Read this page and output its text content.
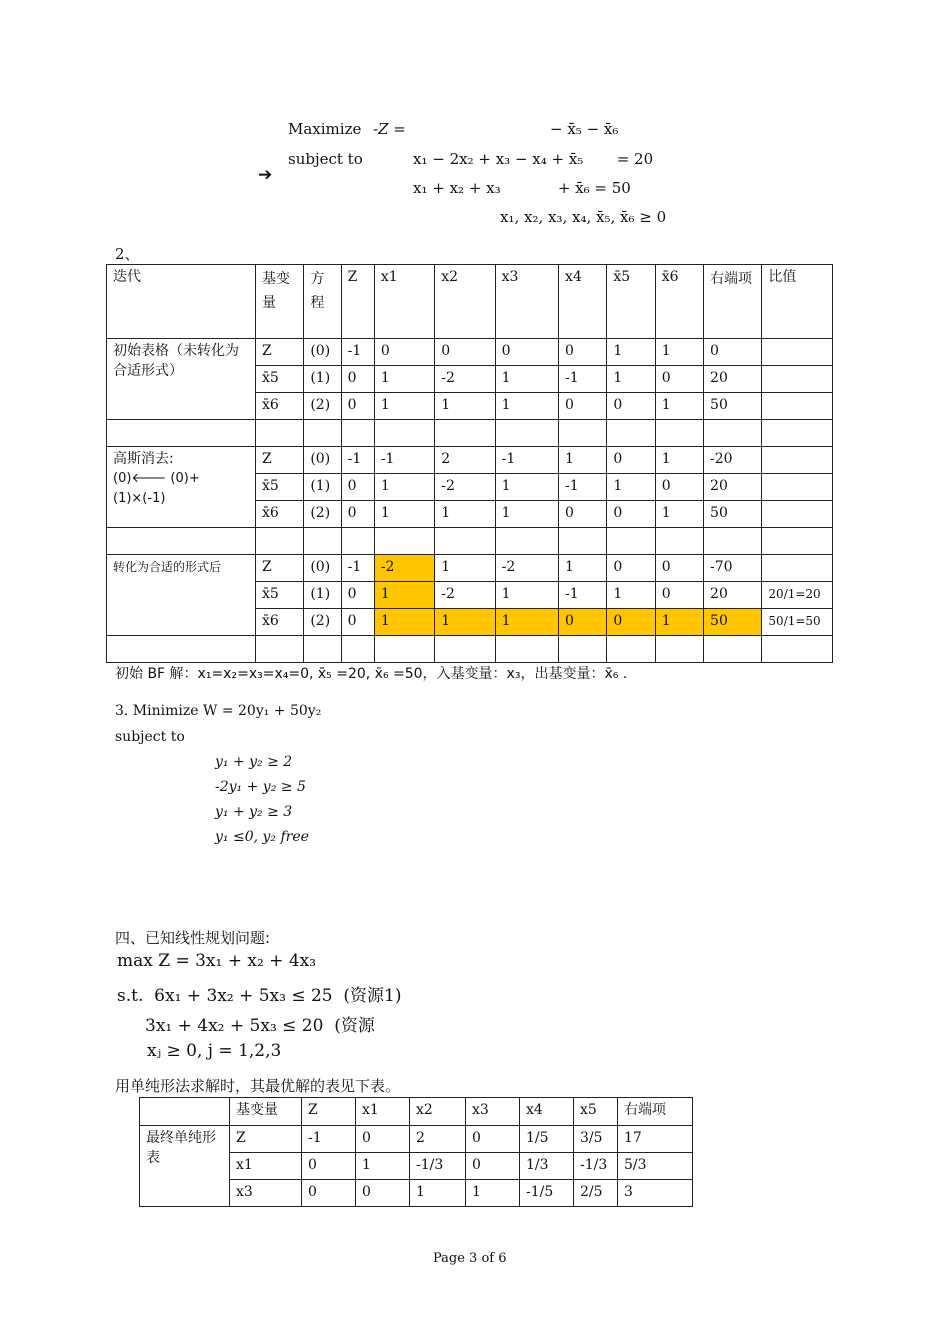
Maximize -Z =	− x̄₅ − x̄₆
➔
subject to	x₁ − 2x₂ + x₃ − x₄ + x̄₅       = 20
x₁ + x₂ + x₃            + x̄₆ = 50
x₁, x₂, x₃, x₄, x̄₅, x̄₆ ≥ 0
2、
迭代	基变量	方程	Z	x1	x2	x3	x4	x̄5	x̄6	右端项	比值
初始表格（未转化为合适形式）	Z	(0)	-1	0	0	0	0	1	1	0	
	x̄5	(1)	0	1	-2	1	-1	1	0	20	
	x̄6	(2)	0	1	1	1	0	0	1	50	

高斯消去:
(0)🡐 (0)+(1)×(-1)	Z	(0)	-1	-1	2	-1	1	0	1	-20	
	x̄5	(1)	0	1	-2	1	-1	1	0	20	
	x̄6	(2)	0	1	1	1	0	0	1	50	

转化为合适的形式后	Z	(0)	-1	-2	1	-2	1	0	0	-70	
	x̄5	(1)	0	1	-2	1	-1	1	0	20	20/1=20
	x̄6	(2)	0	1	1	1	0	0	1	50	50/1=50

初始 BF 解：x₁=x₂=x₃=x₄=0, x̄₅ =20, x̄₆ =50，入基变量：x₃，出基变量：x̄₆ .
3. Minimize W = 20y₁ + 50y₂
subject to
y₁ + y₂ ≥ 2
-2y₁ + y₂ ≥ 5
y₁ + y₂ ≥ 3
y₁ ≤0, y₂ free
四、已知线性规划问题:
max Z = 3x₁ + x₂ + 4x₃
s.t.  6x₁ + 3x₂ + 5x₃ ≤ 25  (资源1)
3x₁ + 4x₂ + 5x₃ ≤ 20  (资源
xⱼ ≥ 0, j = 1,2,3
用单纯形法求解时，其最优解的表见下表。
	基变量	Z	x1	x2	x3	x4	x5	右端项
最终单纯形表	Z	-1	0	2	0	1/5	3/5	17
	x1	0	1	-1/3	0	1/3	-1/3	5/3
	x3	0	0	1	1	-1/5	2/5	3
Page 3 of 6
